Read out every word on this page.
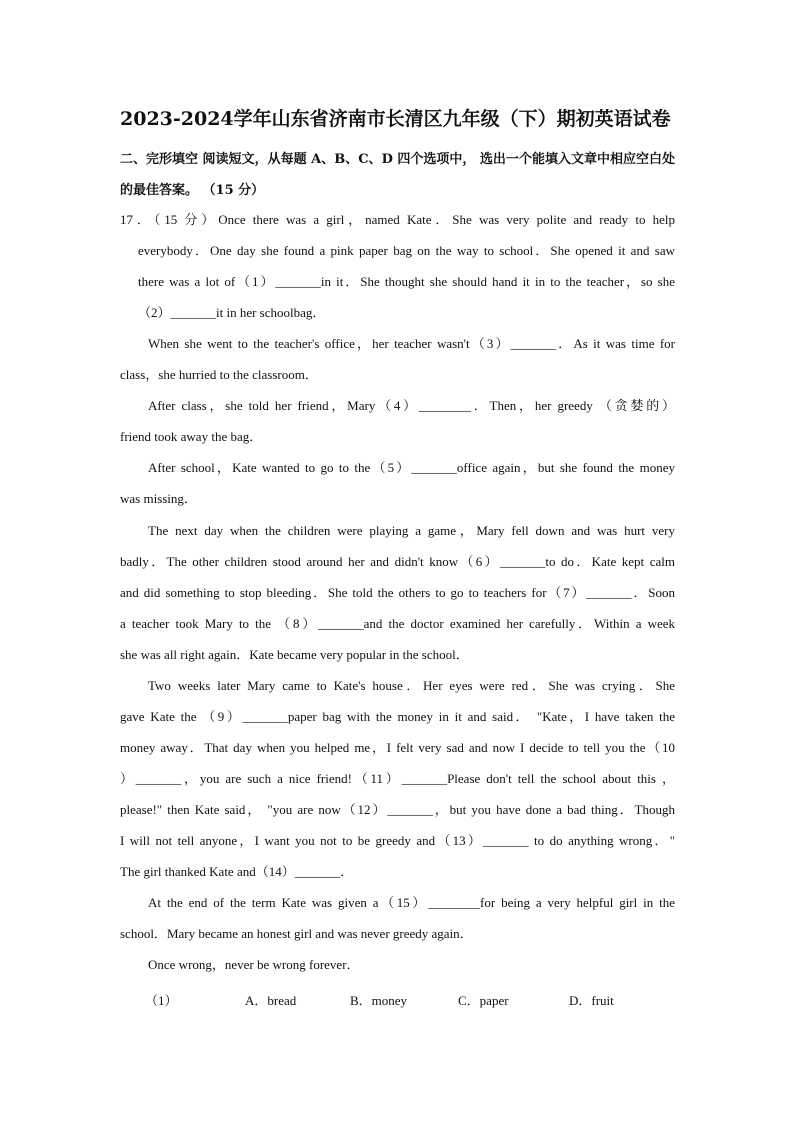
2023-2024学年山东省济南市长清区九年级（下）期初英语试卷
二、完形填空 阅读短文，从每题 A、B、C、D 四个选项中， 选出一个能填入文章中相应空白处的最佳答案。 （15 分）
17．（15 分）Once there was a girl，named Kate．She was very polite and ready to help
everybody．One day she found a pink paper bag on the way to school．She opened it and saw
there was a lot of（1）_______in it．She thought she should hand it in to the teacher，so she
（2）_______it in her schoolbag．
When she went to the teacher's office，her teacher wasn't（3）_______．As it was time for
class，she hurried to the classroom．
After class，she told her friend，Mary（4）________．Then，her greedy （贪婪的）
friend took away the bag．
After school，Kate wanted to go to the（5）_______office again，but she found the money
was missing．
The next day when the children were playing a game，Mary fell down and was hurt very
badly．The other children stood around her and didn't know（6）_______to do．Kate kept calm
and did something to stop bleeding．She told the others to go to teachers for（7）_______．Soon
a teacher took Mary to the （8）_______and the doctor examined her carefully．Within a week
she was all right again．Kate became very popular in the school．
Two weeks later Mary came to Kate's house．Her eyes were red．She was crying．She
gave Kate the （9）_______paper bag with the money in it and said． "Kate，I have taken the
money away．That day when you helped me，I felt very sad and now I decide to tell you the（10
）_______，you are such a nice friend!（11）_______Please don't tell the school about this ，
please!" then Kate said， "you are now（12）_______，but you have done a bad thing．Though
I will not tell anyone，I want you not to be greedy and（13）_______ to do anything wrong．"
The girl thanked Kate and（14）_______．
At the end of the term Kate was given a（15）________for being a very helpful girl in the
school．Mary became an honest girl and was never greedy again．
Once wrong，never be wrong forever．
（1）	A．bread	B．money	C．paper	D．fruit
